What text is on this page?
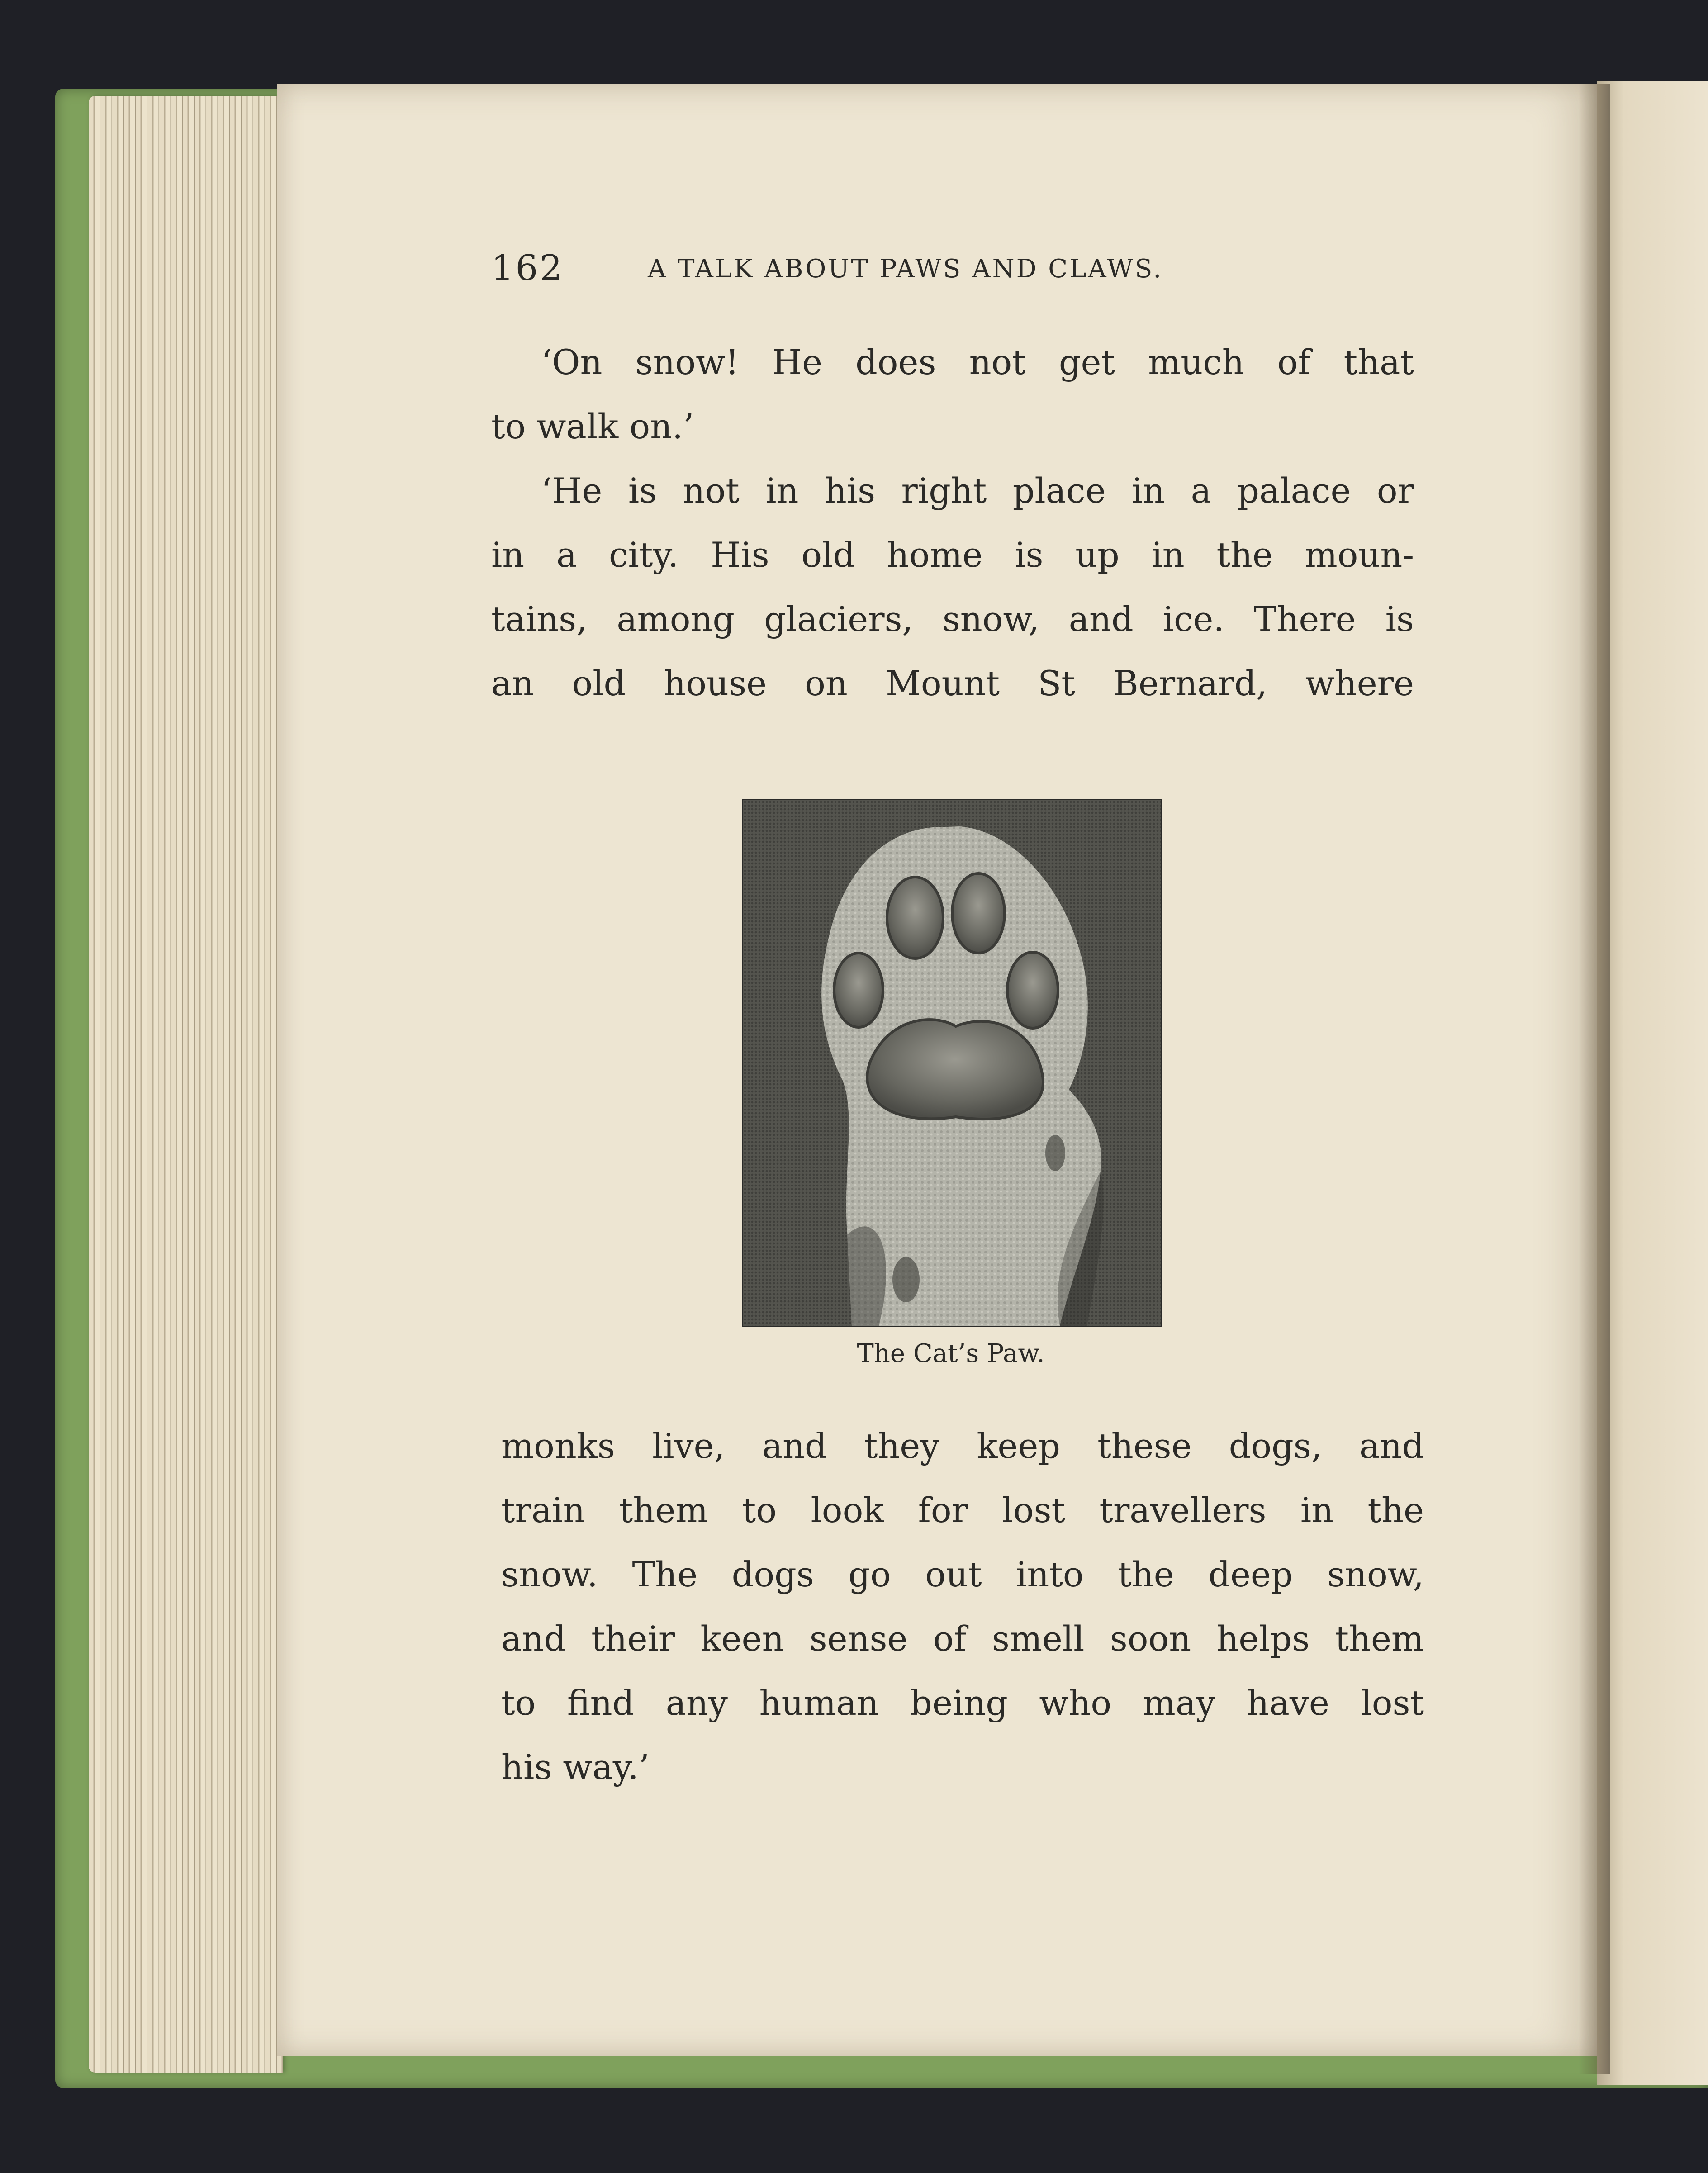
162	A TALK ABOUT PAWS AND CLAWS.
‘On snow! He does not get much of that
to walk on.’
‘He is not in his right place in a palace or
in a city. His old home is up in the moun-
tains, among glaciers, snow, and ice. There is
an old house on Mount St Bernard, where
The Cat’s Paw.
monks live, and they keep these dogs, and
train them to look for lost travellers in the
snow. The dogs go out into the deep snow,
and their keen sense of smell soon helps them
to find any human being who may have lost
his way.’
